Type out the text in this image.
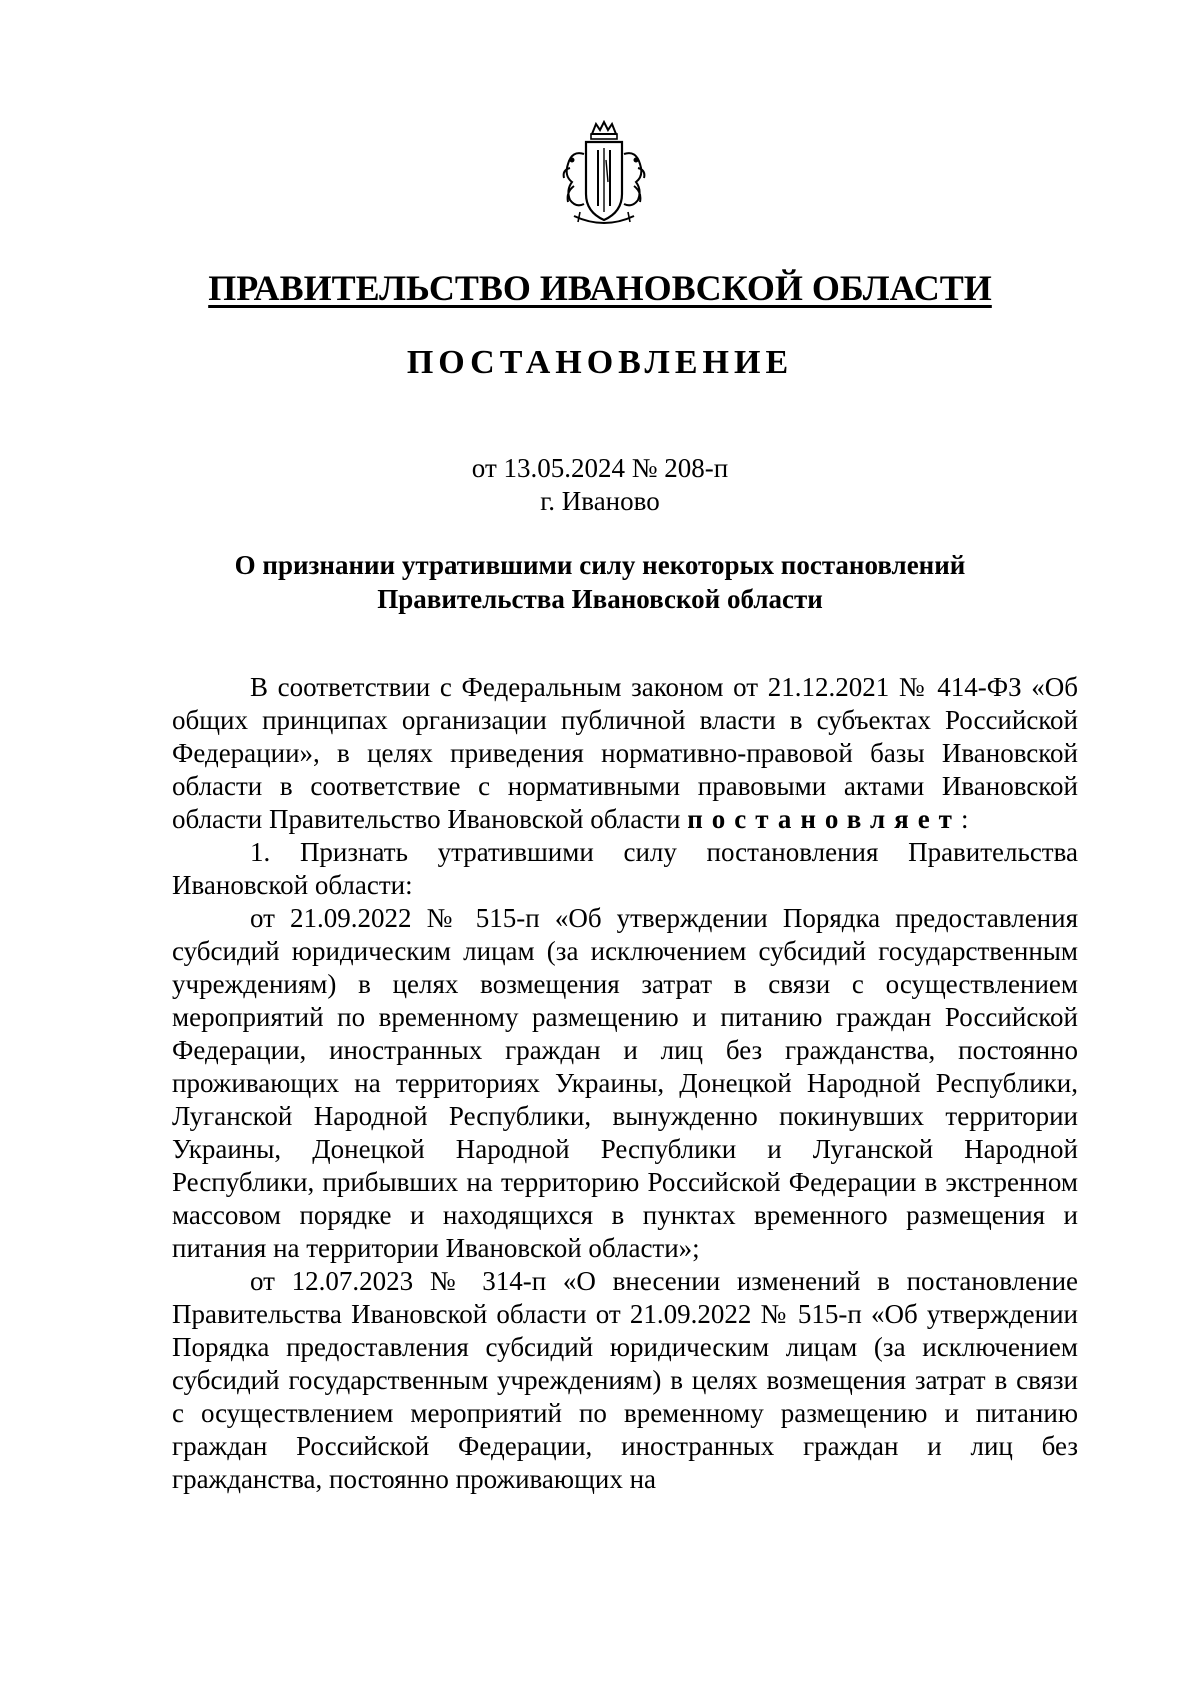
ПРАВИТЕЛЬСТВО ИВАНОВСКОЙ ОБЛАСТИ
ПОСТАНОВЛЕНИЕ
от 13.05.2024 № 208-п
г. Иваново
О признании утратившими силу некоторых постановлений
Правительства Ивановской области

В соответствии с Федеральным законом от 21.12.2021 № 414-ФЗ «Об общих принципах организации публичной власти в субъектах Российской Федерации», в целях приведения нормативно-правовой базы Ивановской области в соответствие с нормативными правовыми актами Ивановской области Правительство Ивановской области постановляет:

1. Признать утратившими силу постановления Правительства Ивановской области:

от 21.09.2022 № 515-п «Об утверждении Порядка предоставления субсидий юридическим лицам (за исключением субсидий государственным учреждениям) в целях возмещения затрат в связи с осуществлением мероприятий по временному размещению и питанию граждан Российской Федерации, иностранных граждан и лиц без гражданства, постоянно проживающих на территориях Украины, Донецкой Народной Республики, Луганской Народной Республики, вынужденно покинувших территории Украины, Донецкой Народной Республики и Луганской Народной Республики, прибывших на территорию Российской Федерации в экстренном массовом порядке и находящихся в пунктах временного размещения и питания на территории Ивановской области»;

от 12.07.2023 № 314-п «О внесении изменений в постановление Правительства Ивановской области от 21.09.2022 № 515-п «Об утверждении Порядка предоставления субсидий юридическим лицам (за исключением субсидий государственным учреждениям) в целях возмещения затрат в связи с осуществлением мероприятий по временному размещению и питанию граждан Российской Федерации, иностранных граждан и лиц без гражданства, постоянно проживающих на
